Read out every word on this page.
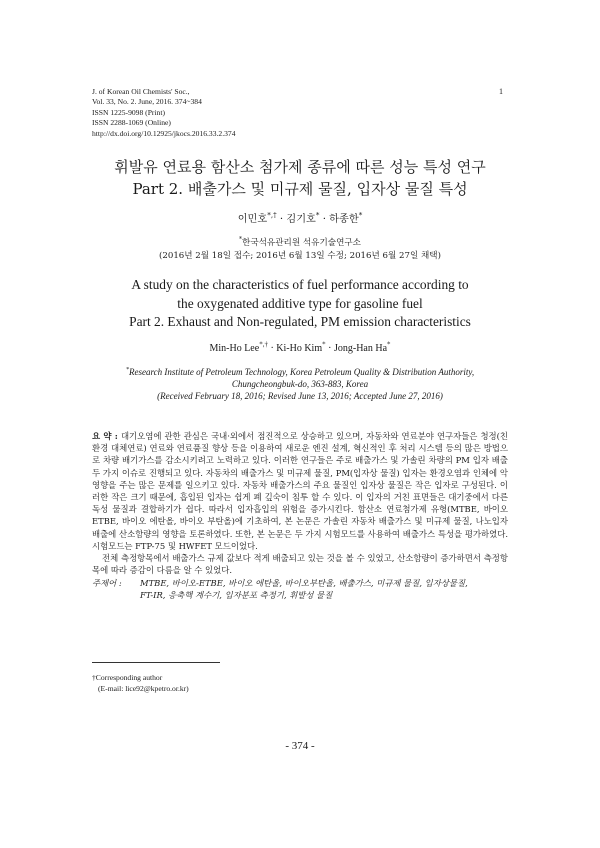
J. of Korean Oil Chemists' Soc.,
Vol. 33, No. 2. June, 2016. 374~384
ISSN 1225-9098 (Print)
ISSN 2288-1069 (Online)
http://dx.doi.org/10.12925/jkocs.2016.33.2.374
1
휘발유 연료용 함산소 첨가제 종류에 따른 성능 특성 연구
Part 2. 배출가스 및 미규제 물질, 입자상 물질 특성
이민호*,† · 김기호* · 하종한*
*한국석유관리원 석유기술연구소
(2016년 2월 18일 접수; 2016년 6월 13일 수정; 2016년 6월 27일 채택)
A study on the characteristics of fuel performance according to
the oxygenated additive type for gasoline fuel
Part 2. Exhaust and Non-regulated, PM emission characteristics
Min-Ho Lee*,† · Ki-Ho Kim* · Jong-Han Ha*
*Research Institute of Petroleum Technology, Korea Petroleum Quality & Distribution Authority,
Chungcheongbuk-do, 363-883, Korea
(Received February 18, 2016; Revised June 13, 2016; Accepted June 27, 2016)

요 약 : 대기오염에 관한 관심은 국내·외에서 점진적으로 상승하고 있으며, 자동차와 연료분야 연구자들은 청정(친환경 대체연료) 연료와 연료품질 향상 등을 이용하여 새로운 엔진 설계, 혁신적인 후 처리 시스템 등의 많은 방법으로 차량 배기가스를 감소시키려고 노력하고 있다. 이러한 연구들은 주로 배출가스 및 가솔린 차량의 PM 입자 배출 두 가지 이슈로 진행되고 있다. 자동차의 배출가스 및 미규제 물질, PM(입자상 물질) 입자는 환경오염과 인체에 악영향을 주는 많은 문제를 일으키고 있다. 자동차 배출가스의 주요 물질인 입자상 물질은 작은 입자로 구성된다. 이러한 작은 크기 때문에, 흡입된 입자는 쉽게 폐 깊숙이 침투 할 수 있다. 이 입자의 거친 표면들은 대기중에서 다른 독성 물질과 결합하기가 쉽다. 따라서 입자흡입의 위험을 증가시킨다. 함산소 연료첨가제 유형(MTBE, 바이오 ETBE, 바이오 에탄올, 바이오 부탄올)에 기초하여, 본 논문은 가솔린 자동차 배출가스 및 미규제 물질, 나노입자 배출에 산소함량의 영향을 토론하였다. 또한, 본 논문은 두 가지 시험모드를 사용하여 배출가스 특성을 평가하였다. 시험모드는 FTP-75 및 HWFET 모드이었다.

전체 측정항목에서 배출가스 규제 값보다 적게 배출되고 있는 것을 볼 수 있었고, 산소함량이 증가하면서 측정항목에 따라 증감이 다름을 알 수 있었다.

주제어 : MTBE, 바이오-ETBE, 바이오 에탄올, 바이오부탄올, 배출가스, 미규제 물질, 입자상물질,
FT-IR, 응축핵 계수기, 입자분포 측정기, 휘발성 물질
†Corresponding author
(E-mail: lice92@kpetro.or.kr)
- 374 -
